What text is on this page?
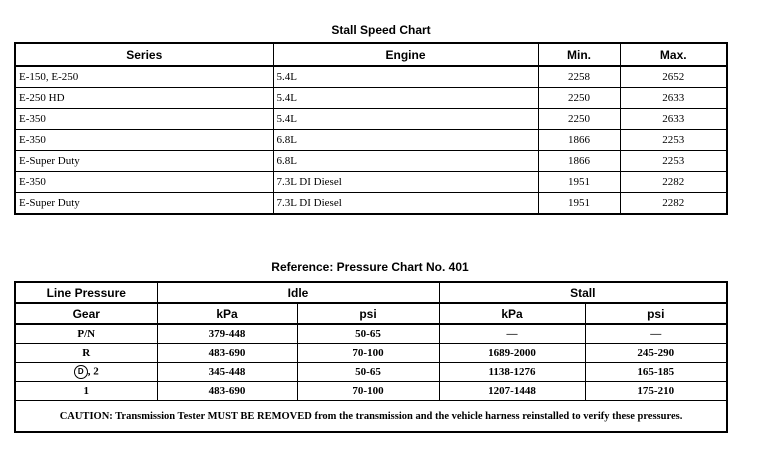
Stall Speed Chart
Series	Engine	Min.	Max.
E-150, E-250	5.4L	2258	2652
E-250 HD	5.4L	2250	2633
E-350	5.4L	2250	2633
E-350	6.8L	1866	2253
E-Super Duty	6.8L	1866	2253
E-350	7.3L DI Diesel	1951	2282
E-Super Duty	7.3L DI Diesel	1951	2282
Reference: Pressure Chart No. 401
Line Pressure	Idle		Stall	
Gear	kPa	psi	kPa	psi
P/N	379-448	50-65	—	—
R	483-690	70-100	1689-2000	245-290
D , 2	345-448	50-65	1138-1276	165-185
1	483-690	70-100	1207-1448	175-210
CAUTION: Transmission Tester MUST BE REMOVED from the transmission and the vehicle harness reinstalled to verify these pressures.				
